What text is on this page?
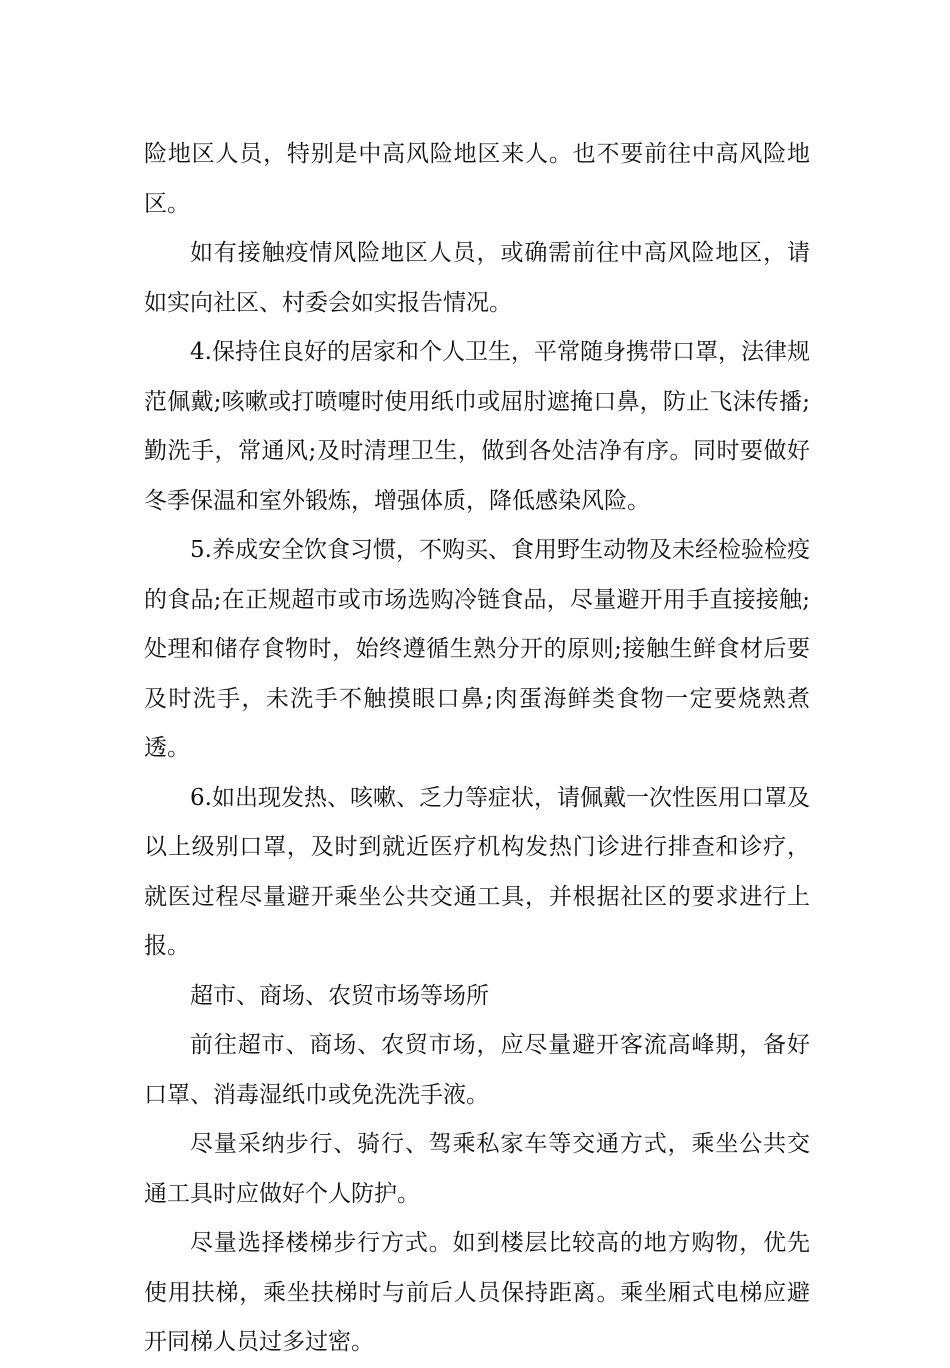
险地区人员，特别是中高风险地区来人。也不要前往中高风险地区。

如有接触疫情风险地区人员，或确需前往中高风险地区，请如实向社区、村委会如实报告情况。

4.保持住良好的居家和个人卫生，平常随身携带口罩，法律规范佩戴;咳嗽或打喷嚏时使用纸巾或屈肘遮掩口鼻，防止飞沫传播;勤洗手，常通风;及时清理卫生，做到各处洁净有序。同时要做好冬季保温和室外锻炼，增强体质，降低感染风险。

5.养成安全饮食习惯，不购买、食用野生动物及未经检验检疫的食品;在正规超市或市场选购冷链食品，尽量避开用手直接接触;处理和储存食物时，始终遵循生熟分开的原则;接触生鲜食材后要及时洗手，未洗手不触摸眼口鼻;肉蛋海鲜类食物一定要烧熟煮透。

6.如出现发热、咳嗽、乏力等症状，请佩戴一次性医用口罩及以上级别口罩，及时到就近医疗机构发热门诊进行排查和诊疗，就医过程尽量避开乘坐公共交通工具，并根据社区的要求进行上报。

超市、商场、农贸市场等场所

前往超市、商场、农贸市场，应尽量避开客流高峰期，备好口罩、消毒湿纸巾或免洗洗手液。

尽量采纳步行、骑行、驾乘私家车等交通方式，乘坐公共交通工具时应做好个人防护。

尽量选择楼梯步行方式。如到楼层比较高的地方购物，优先使用扶梯，乘坐扶梯时与前后人员保持距离。乘坐厢式电梯应避开同梯人员过多过密。
